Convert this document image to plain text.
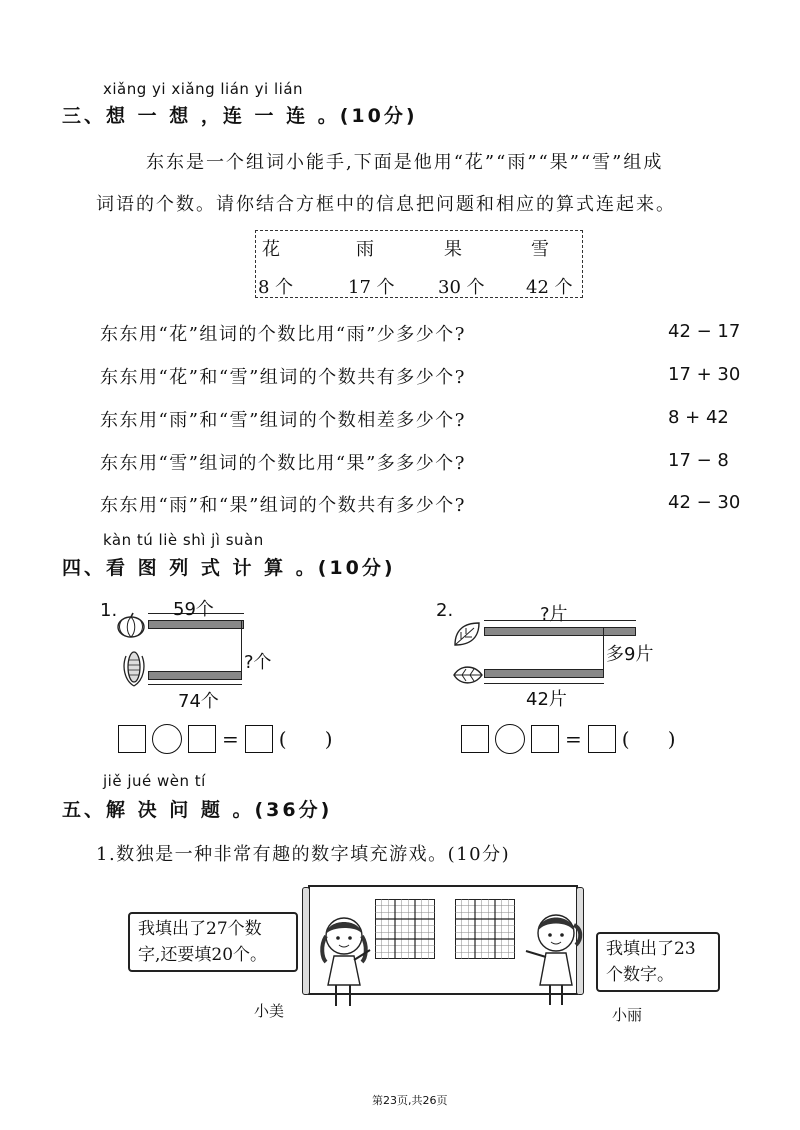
xiǎng yi xiǎng lián yi lián
三、想 一 想 ，连 一 连 。(10分)
东东是一个组词小能手,下面是他用“花”“雨”“果”“雪”组成
词语的个数。请你结合方框中的信息把问题和相应的算式连起来。
花	雨	果	雪
8 个	17 个 30 个 42 个
东东用“花”组词的个数比用“雨”少多少个?
东东用“花”和“雪”组词的个数共有多少个?
东东用“雨”和“雪”组词的个数相差多少个?
东东用“雪”组词的个数比用“果”多多少个?
东东用“雨”和“果”组词的个数共有多少个?
42 − 17
17 + 30
8 + 42
17 − 8
42 − 30
kàn tú liè shì jì suàn
四、看 图 列 式 计 算 。(10分)
1.	59个
?个
74个
= (      )
2.	?片
多9片
42片
= (      )
jiě jué wèn tí
五、解 决 问 题 。(36分)
1.数独是一种非常有趣的数字填充游戏。(10分)
我填出了27个数
字,还要填20个。	我填出了23
个数字。
小美	小丽
第23页,共26页
